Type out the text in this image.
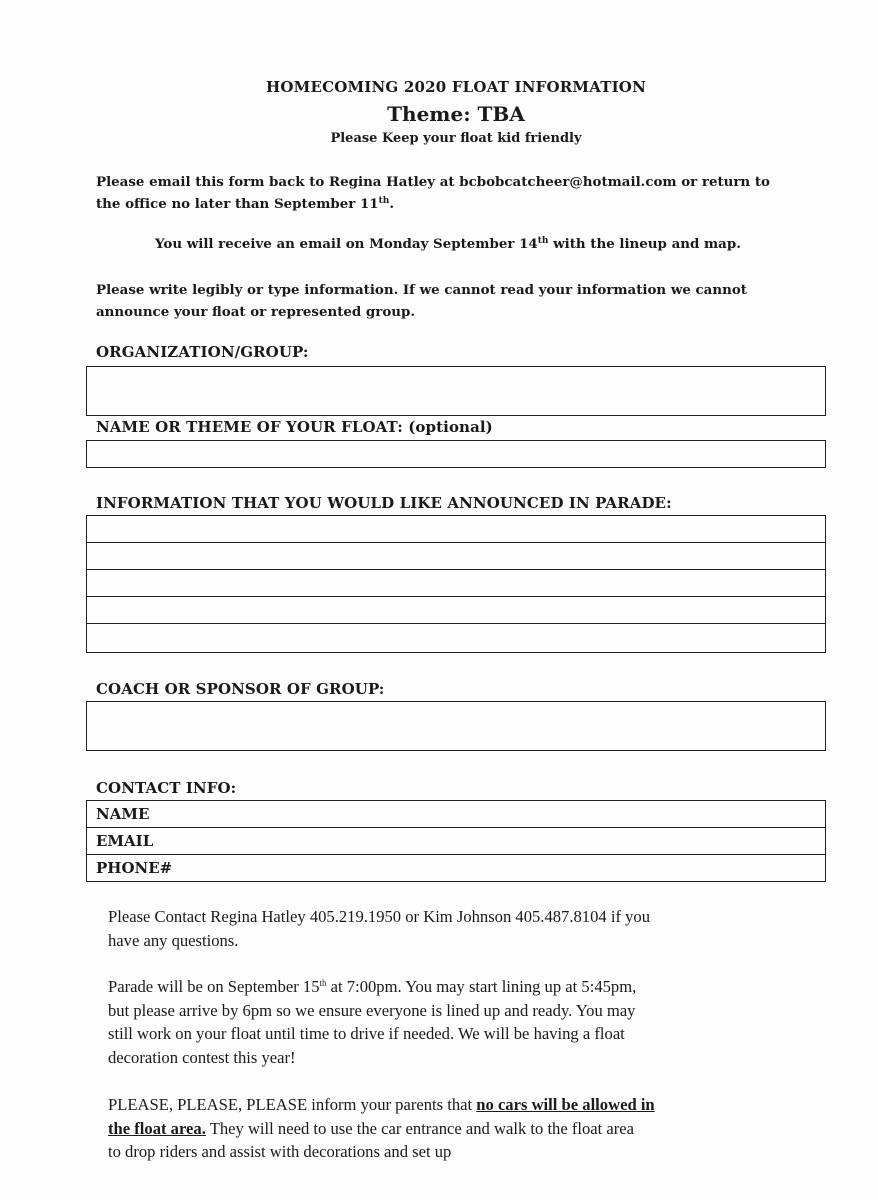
HOMECOMING 2020 FLOAT INFORMATION
Theme: TBA
Please Keep your float kid friendly
Please email this form back to Regina Hatley at bcbobcatcheer@hotmail.com or return to
the office no later than September 11th.
You will receive an email on Monday September 14th with the lineup and map.
Please write legibly or type information. If we cannot read your information we cannot
announce your float or represented group.
ORGANIZATION/GROUP:
NAME OR THEME OF YOUR FLOAT: (optional)
INFORMATION THAT YOU WOULD LIKE ANNOUNCED IN PARADE:
COACH OR SPONSOR OF GROUP:
CONTACT INFO:
NAME
EMAIL
PHONE#
Please Contact Regina Hatley 405.219.1950 or Kim Johnson 405.487.8104 if you
have any questions.
Parade will be on September 15th at 7:00pm. You may start lining up at 5:45pm,
but please arrive by 6pm so we ensure everyone is lined up and ready. You may
still work on your float until time to drive if needed. We will be having a float
decoration contest this year!
PLEASE, PLEASE, PLEASE inform your parents that no cars will be allowed in
the float area. They will need to use the car entrance and walk to the float area
to drop riders and assist with decorations and set up
